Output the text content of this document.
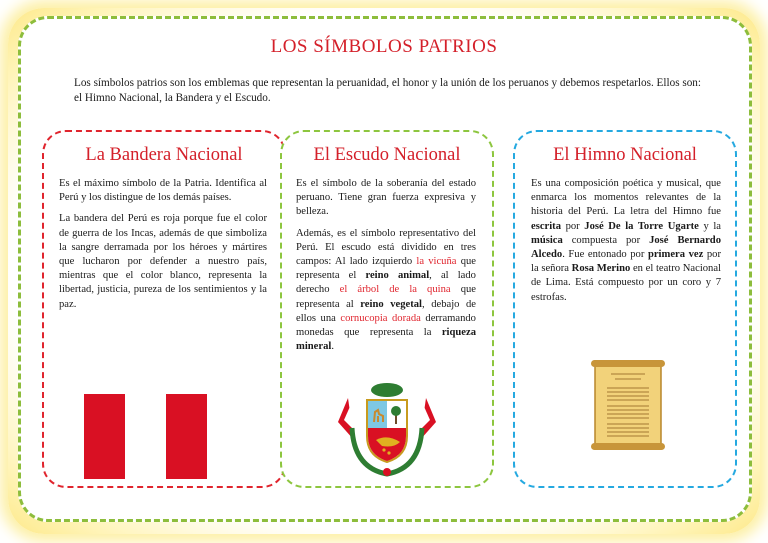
LOS SÍMBOLOS PATRIOS
Los símbolos patrios son los emblemas que representan la peruanidad, el honor y la unión de los peruanos y debemos respetarlos. Ellos son: el Himno Nacional, la Bandera y el Escudo.
La Bandera Nacional

Es el máximo símbolo de la Patria. Identifica al Perú y los distingue de los demás países.

La bandera del Perú es roja porque fue el color de guerra de los Incas, además de que simboliza la sangre derramada por los héroes y mártires que lucharon por defender a nuestro país, mientras que el color blanco, representa la libertad, justicia, pureza de los sentimientos y la paz.

El Escudo Nacional

Es el símbolo de la soberanía del estado peruano. Tiene gran fuerza expresiva y belleza.

Además, es el símbolo representativo del Perú. El escudo está dividido en tres campos: Al lado izquierdo la vicuña que representa el reino animal, al lado derecho el árbol de la quina que representa al reino vegetal, debajo de ellos una cornucopia dorada derramando monedas que representa la riqueza mineral.

El Himno Nacional

Es una composición poética y musical, que enmarca los momentos relevantes de la historia del Perú. La letra del Himno fue escrita por José De la Torre Ugarte y la música compuesta por José Bernardo Alcedo. Fue entonado por primera vez por la señora Rosa Merino en el teatro Nacional de Lima. Está compuesto por un coro y 7 estrofas.
